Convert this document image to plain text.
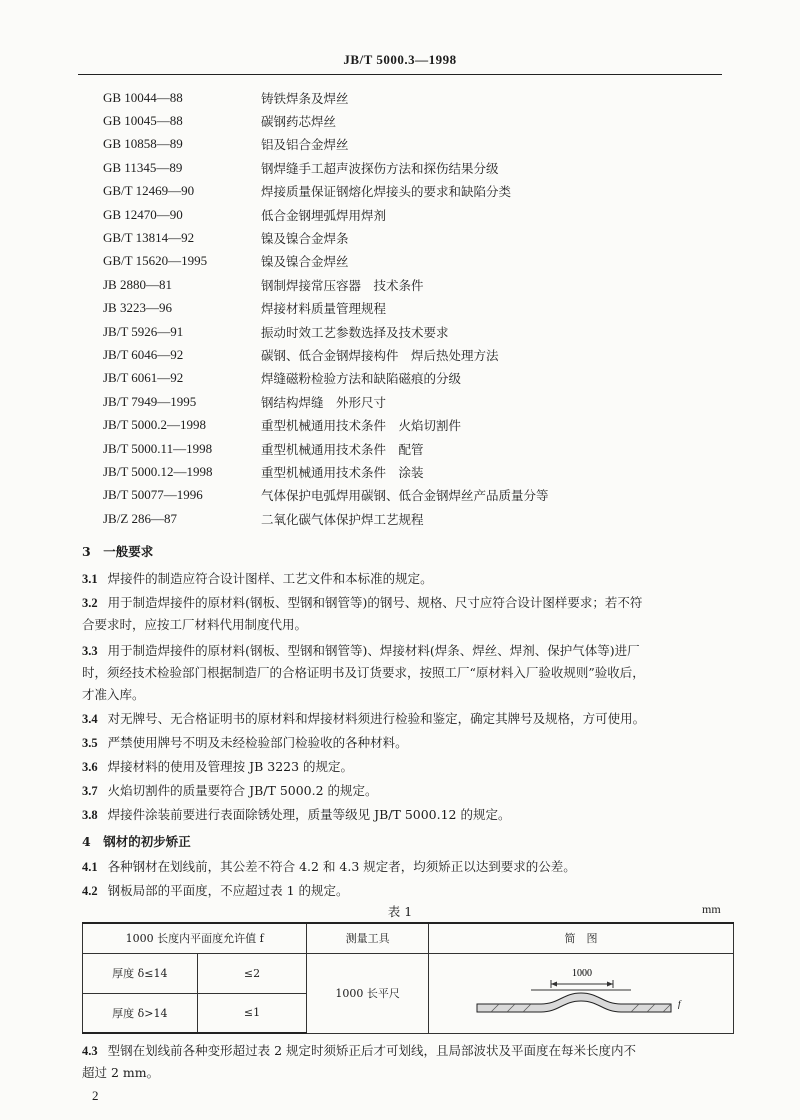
JB/T 5000.3—1998
GB 10044—88	铸铁焊条及焊丝
GB 10045—88	碳钢药芯焊丝
GB 10858—89	铝及铝合金焊丝
GB 11345—89	钢焊缝手工超声波探伤方法和探伤结果分级
GB/T 12469—90	焊接质量保证钢熔化焊接头的要求和缺陷分类
GB 12470—90	低合金钢埋弧焊用焊剂
GB/T 13814—92	镍及镍合金焊条
GB/T 15620—1995	镍及镍合金焊丝
JB 2880—81	钢制焊接常压容器　技术条件
JB 3223—96	焊接材料质量管理规程
JB/T 5926—91	振动时效工艺参数选择及技术要求
JB/T 6046—92	碳钢、低合金钢焊接构件　焊后热处理方法
JB/T 6061—92	焊缝磁粉检验方法和缺陷磁痕的分级
JB/T 7949—1995	钢结构焊缝　外形尺寸
JB/T 5000.2—1998	重型机械通用技术条件　火焰切割件
JB/T 5000.11—1998	重型机械通用技术条件　配管
JB/T 5000.12—1998	重型机械通用技术条件　涂装
JB/T 50077—1996	气体保护电弧焊用碳钢、低合金钢焊丝产品质量分等
JB/Z 286—87	二氧化碳气体保护焊工艺规程
3　一般要求
3.1 焊接件的制造应符合设计图样、工艺文件和本标准的规定。
3.2 用于制造焊接件的原材料(钢板、型钢和钢管等)的钢号、规格、尺寸应符合设计图样要求；若不符
合要求时，应按工厂材料代用制度代用。
3.3 用于制造焊接件的原材料(钢板、型钢和钢管等)、焊接材料(焊条、焊丝、焊剂、保护气体等)进厂
时，须经技术检验部门根据制造厂的合格证明书及订货要求，按照工厂“原材料入厂验收规则”验收后，
才准入库。
3.4 对无牌号、无合格证明书的原材料和焊接材料须进行检验和鉴定，确定其牌号及规格，方可使用。
3.5 严禁使用牌号不明及未经检验部门检验收的各种材料。
3.6 焊接材料的使用及管理按 JB 3223 的规定。
3.7 火焰切割件的质量要符合 JB/T 5000.2 的规定。
3.8 焊接件涂装前要进行表面除锈处理，质量等级见 JB/T 5000.12 的规定。
4　钢材的初步矫正
4.1 各种钢材在划线前，其公差不符合 4.2 和 4.3 规定者，均须矫正以达到要求的公差。
4.2 钢板局部的平面度，不应超过表 1 的规定。
表 1	mm
1000 长度内平面度允许值 f		测量工具	简　图
厚度 δ≤14	≤2	1000 长平尺	1000
f

厚度 δ>14	≤1		
4.3 型钢在划线前各种变形超过表 2 规定时须矫正后才可划线，且局部波状及平面度在每米长度内不
超过 2 mm。
2
